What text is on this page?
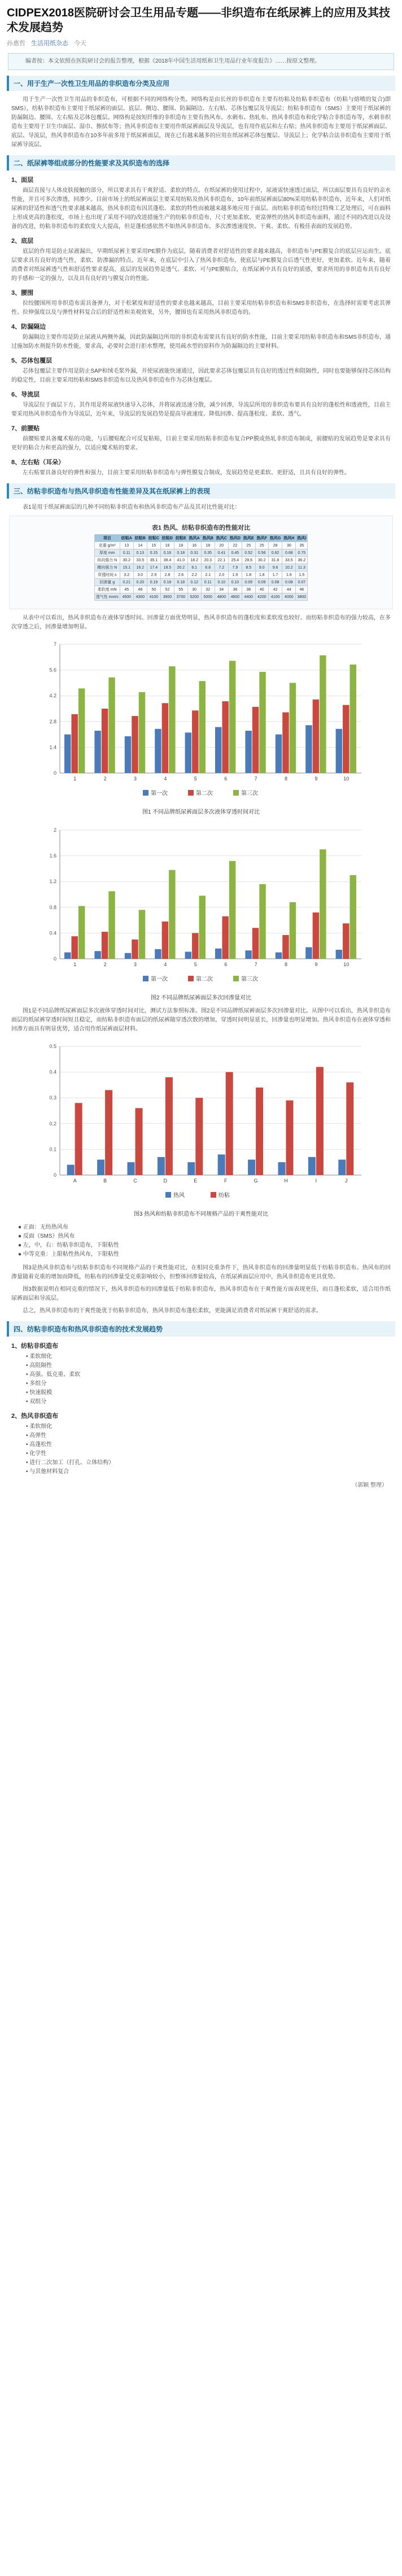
CIDPEX2018医院研讨会卫生用品专题——非织造布在纸尿裤上的应用及其技术发展趋势
孙惠哲 生活用纸杂志 今天
编者按：本文依照在医院研讨会的报告整理，根据《2018年中国生活用纸和卫生用品行业年度报告》……按原文整理。
一、用于生产一次性卫生用品的非织造布分类及应用

用于生产一次性卫生用品的非织造布，可根据不同的网络构分类。网络构是由长丝的非织造布主要有纺粘及纺粘非织造布（纺粘与熔喷的复合)即SMS），纺粘非织造布主要用于纸尿裤的面层、底层、侧边、腰围、防漏隔边、左右贴、芯体包覆层及导流层；纺粘非织造布（SMS）主要用于纸尿裤的防漏隔边、腰围、左右贴及芯体包覆层。网络构是按短纤维的非织造布主要有热风布、水刺布、热轧布、热风非织造布和化学粘合非织造布等，水刺非织造布主要用于卫生巾面层、湿巾、擦拭布等；热风非织造布主要用作纸尿裤面层及导流层，也有用作底层和左右贴；热风非织造布主要用于纸尿裤面层、底层、导流层，热风非织造布在10多年前多用于纸尿裤面层，现在已有越来越多的应用在纸尿裤芯体包覆层、导流层上；化学粘合法非织造布主要用于纸尿裤导流层。

二、纸尿裤等组成部分的性能要求及其织造布的选择
1、面层

面层直接与人体皮肤接触的部分，所以要求具有干爽舒适、柔软的特点。在纸尿裤的使用过程中，尿液需快速透过面层，所以面层要具有良好的亲水性能，并且可多次渗透，回渗少。目前市场上的纸尿裤面层主要采用纺粘及热风非织造布，10年前纸尿裤面层80%采用纺粘非织造布，近年来，人们对纸尿裤的舒适性和透气性要求越来越高，热风非织造布因其蓬松、柔软的特性而被越来越多地应用于面层。而纺粘非织造布经过特殊工艺处理后，可在面料上形成更高的蓬松度，市场上也出现了采用不同的改进措施生产的纺粘非织造布，尺寸更加柔软、更富弹性的热风非织造布面料，通过不同的改进以及设备的改进，纺粘非织造布的柔软度大大提高，但是蓬松感依然不如热风非织造布。多次渗透速度快、干爽、柔软、有极佳表面的发展趋势。

2、底层

底层的作用是防止尿液漏出，早期纸尿裤主要采用PE膜作为底层，随着消费者对舒适性的要求越来越高，非织造布与PE膜复合的底层应运而生。底层要求具有良好的透气性，柔软、防渗漏的特点。近年来，在底层中引入了热风非织造布，使底层与PE膜复合后透气性更好，更加柔软。近年来，随着消费者对纸尿裤透气性和舒适性要求提高，底层的发展趋势是透气、柔软、可与PE膜贴合，在纸尿裤中具有良好的质感，要求所用的非织造布具有良好的手感和一定的强力，以及具有良好的与膜复合的性能。

3、腰围

拉绞腰围所用非织造布需具备弹力，对于松紧度和舒适性的要求也越来越高，目前主要采用纺粘非织造布和SMS非织造布，在选择时需要考虑其弹性、拉伸强度以及与弹性材料复合后的舒适性和美观效果，另外，腰围也有采用热风非织造布的。

4、防漏隔边

防漏隔边主要作用是防止尿液从两侧外漏，因此防漏隔边所用的非织造布需要具有良好的防水性能，目前主要采用纺粘非织造布和SMS非织造布，通过施加防水剂提升防水性能，要求高，必要时会进行拒水整理，使用疏水型的原料作为防漏隔边的主要材料。

5、芯体包覆层

芯体包覆层主要作用是防止SAP和绒毛浆外漏，并使尿液能快速通过，因此要求芯体包覆层具有良好的透过性和阻隔性，同时也要能够保持芯体结构的稳定性，目前主要采用纺粘和SMS非织造布以及热风非织造布作为芯体包覆层。

6、导流层

导流层位于面层下方，其作用是将尿液快速导入芯体，并将尿液迅速分散，减少回渗，导流层所用的非织造布要具有良好的蓬松性和透液性，目前主要采用热风非织造布作为导流层，近年来，导流层的发展趋势是提高导液速度、降低回渗、提高蓬松度、柔软、透气。

7、前腰贴

前腰贴要具备魔术贴的功能，与后腰贴配合可反复粘贴，目前主要采用纺粘非织造布复合PP膜或热轧非织造布制成，前腰贴的发展趋势是要求具有更好的粘合力和更高的强力，以适应魔术贴的要求。

8、左右贴（耳朵）

左右贴要具备良好的弹性和强力，目前主要采用纺粘非织造布与弹性膜复合制成，发展趋势是更柔软、更舒适，且具有良好的弹性。

三、纺粘非织造布与热风非织造布性能差异及其在纸尿裤上的表现

表1是用于纸尿裤面层的几种不同纺粘非织造布和热风非织造布产品及其对比性能对比：

表1 热风、纺粘非织造布的性能对比
项目	纺粘A	纺粘B	纺粘C	纺粘D	纺粘E	热风A	热风B	热风C	热风D	热风E	热风F	热风G	热风H	热风I
克重 g/m²	13	14	15	16	18	16	18	20	22	25	25	28	30	35
厚度 mm	0.11	0.13	0.15	0.16	0.18	0.31	0.35	0.41	0.45	0.52	0.56	0.62	0.68	0.75
纵向强力 N	30.2	33.5	35.1	38.4	41.0	18.2	20.3	22.1	25.4	28.6	30.2	31.8	33.5	36.2
横向强力 N	15.1	16.2	17.4	18.5	20.2	6.1	6.8	7.2	7.9	8.5	9.0	9.6	10.2	11.3
穿透时间 s	3.2	3.0	2.9	2.8	2.6	2.2	2.1	2.0	1.9	1.8	1.8	1.7	1.6	1.5
回渗量 g	0.21	0.20	0.19	0.18	0.18	0.12	0.11	0.10	0.10	0.09	0.09	0.08	0.08	0.07
柔软度 mN	45	48	50	52	55	30	32	34	36	38	40	42	44	46
透气性 mm/s	4500	4300	4100	3900	3700	5200	5000	4800	4600	4400	4200	4100	4000	3800

从表中可以看出，热风非织造布在液体穿透时间、回渗量方面优势明显，热风非织造布的蓬松度和柔软度也较好。而纺粘非织造布的强力较高，在多次穿透之后，回渗量增加明显。

0
1.4
2.8
4.2
5.6
7
1	2	3	4	5	6	7	8	9	10
第一次	第二次	第三次
图1 不同品牌纸尿裤面层多次液体穿透时间对比
0
0.4
0.8
1.2
1.6
2
1	2	3	4	5	6	7	8	9	10
第一次	第二次	第三次
图2 不同品牌纸尿裤面层多次回渗量对比

图1是不同品牌纸尿裤面层多次液体穿透时间对比，测试方法参照标准。图2是不同品牌纸尿裤面层多次回渗量对比。从图中可以看出，热风非织造布面层的纸尿裤穿透时间短且稳定，而纺粘非织造布面层的纸尿裤随穿透次数的增加，穿透时间明显延长，回渗量也明显增加。热风非织造布在液体穿透和回渗方面具有明显优势，适合用作纸尿裤面层材料。

0
0.1
0.2
0.3
0.4
0.5
A	B	C	D	E	F	G	H	I	J
热风	纺粘
图3 热风和纺粘非织造布不同规格产品的干爽性能对比
● 正面：无纺热风布
● 反面（SMS）热风布
● 左，中，右：纺粘非织造布，下限粘性
● 中等克重：上限粘性热风布，下限粘性

图3是热风非织造布与纺粘非织造布不同规格产品的干爽性能对比，在相同克重条件下，热风非织造布的回渗量明显低于纺粘非织造布。热风布的回渗量随着克重的增加而降低，纺粘布的回渗量受克重影响较小，但整体回渗量较高，在纸尿裤面层应用中，热风非织造布更具优势。

图3数据说明在相同克重的情况下，热风非织造布的回渗量低于纺粘非织造布，热风非织造布在干爽性能方面表现更佳，而且蓬松柔软，适合用作纸尿裤面层和导流层。

总之，热风非织造布的干爽性能优于纺粘非织造布，热风非织造布蓬松柔软，更能满足消费者对纸尿裤干爽舒适的需求。

四、纺粘非织造布和热风非织造布的技术发展趋势
1、纺粘非织造布
• 柔软细化
• 高阻隔性
• 高强、低克重、柔软
• 多组分
• 快速脱模
• 双组分
2、热风非织造布
• 柔软细化
• 高弹性
• 高蓬松性
• 化学性
• 进行二次加工（打孔、立体结构）
• 与其他材料复合
（郭颖 整理）
